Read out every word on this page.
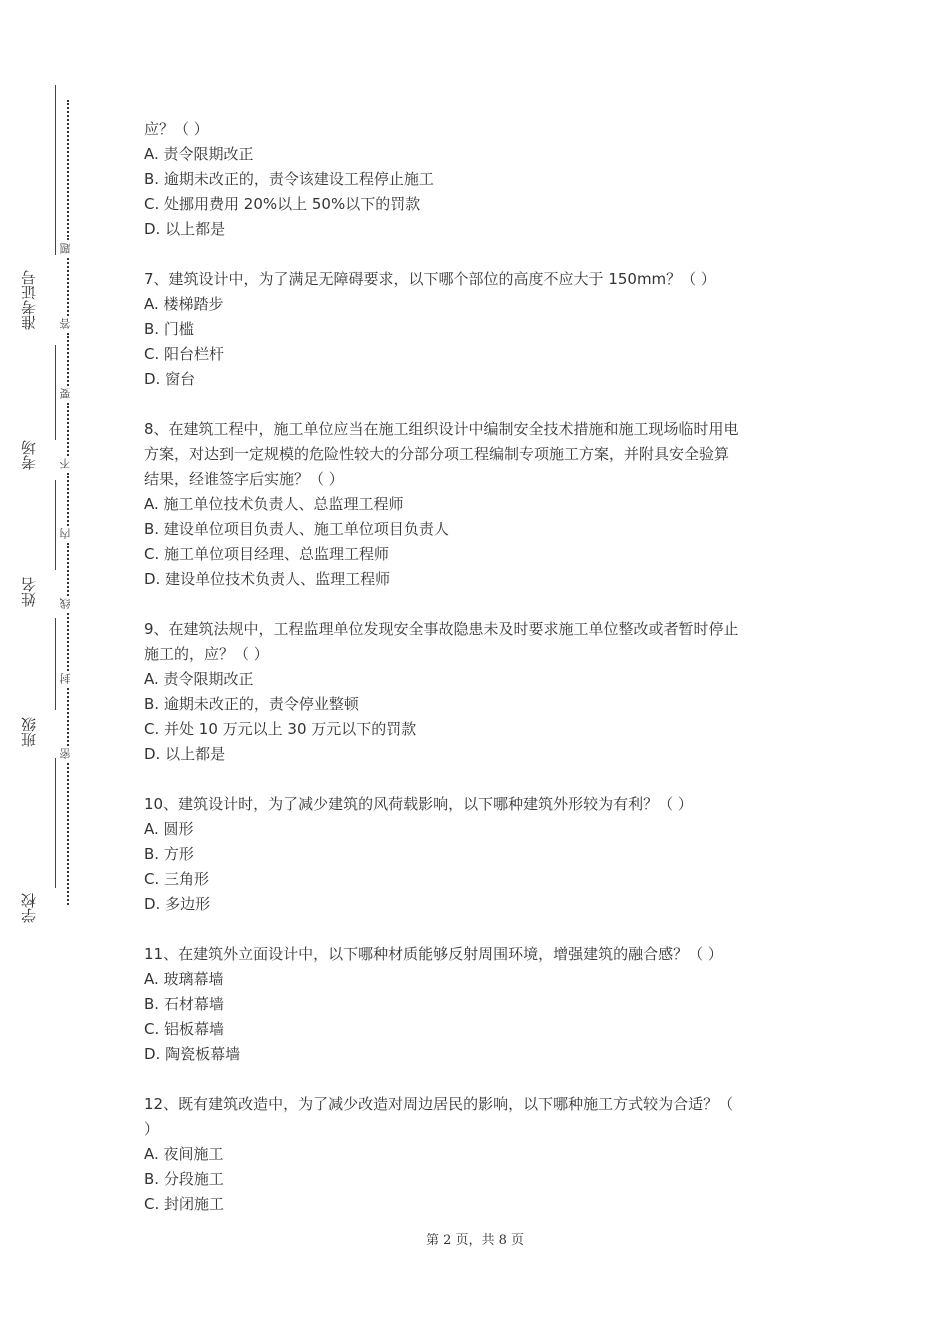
准考证号
考场
姓名
班级
学校
题
答
要
不
内
线
封
密
应？（ ）
A. 责令限期改正
B. 逾期未改正的，责令该建设工程停止施工
C. 处挪用费用 20%以上 50%以下的罚款
D. 以上都是
7、建筑设计中，为了满足无障碍要求，以下哪个部位的高度不应大于 150mm？（ ）
A. 楼梯踏步
B. 门槛
C. 阳台栏杆
D. 窗台
8、在建筑工程中，施工单位应当在施工组织设计中编制安全技术措施和施工现场临时用电
方案，对达到一定规模的危险性较大的分部分项工程编制专项施工方案，并附具安全验算
结果，经谁签字后实施？（ ）
A. 施工单位技术负责人、总监理工程师
B. 建设单位项目负责人、施工单位项目负责人
C. 施工单位项目经理、总监理工程师
D. 建设单位技术负责人、监理工程师
9、在建筑法规中，工程监理单位发现安全事故隐患未及时要求施工单位整改或者暂时停止
施工的，应？（ ）
A. 责令限期改正
B. 逾期未改正的，责令停业整顿
C. 并处 10 万元以上 30 万元以下的罚款
D. 以上都是
10、建筑设计时，为了减少建筑的风荷载影响，以下哪种建筑外形较为有利？（ ）
A. 圆形
B. 方形
C. 三角形
D. 多边形
11、在建筑外立面设计中，以下哪种材质能够反射周围环境，增强建筑的融合感？（ ）
A. 玻璃幕墙
B. 石材幕墙
C. 铝板幕墙
D. 陶瓷板幕墙
12、既有建筑改造中，为了减少改造对周边居民的影响，以下哪种施工方式较为合适？（
）
A. 夜间施工
B. 分段施工
C. 封闭施工
第 2 页，共 8 页
